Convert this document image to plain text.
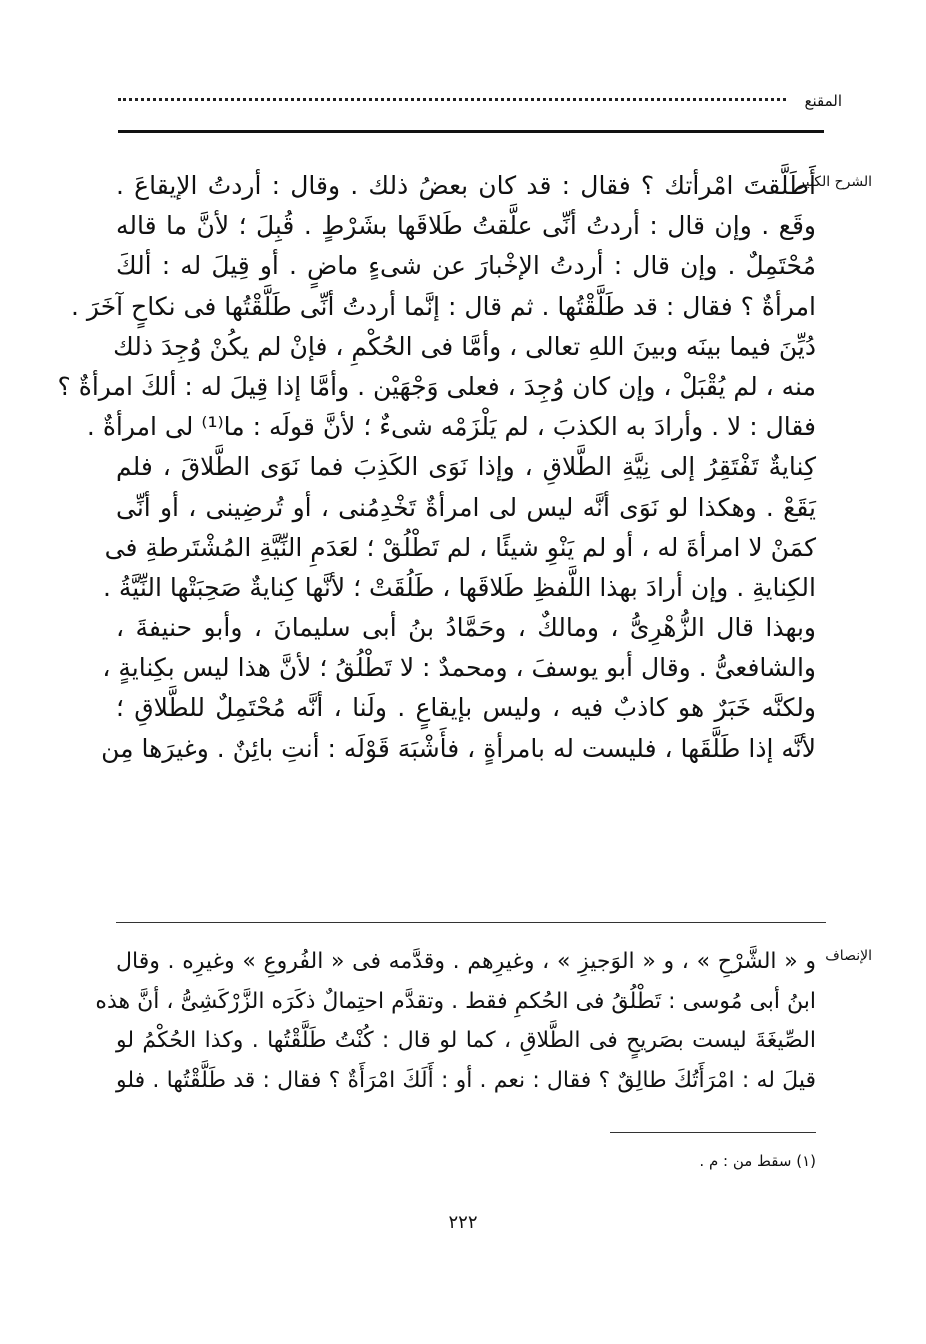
المقنع
الشرح الكبير
أَطَلَّقتَ امْرأتك ؟ فقال : قد كان بعضُ ذلك . وقال : أردتُ الإيقاعَ .
وقَع . وإن قال : أردتُ أنِّى علَّقتُ طَلاقَها بشَرْطٍ . قُبِلَ ؛ لأنَّ ما قاله
مُحْتَمِلٌ . وإن قال : أردتُ الإخْبارَ عن شىءٍ ماضٍ . أو قِيلَ له : ألكَ
امرأةٌ ؟ فقال : قد طَلَّقْتُها . ثم قال : إنَّما أردتُ أنِّى طَلَّقْتُها فى نكاحٍ آخَرَ .
دُيِّنَ فيما بينَه وبينَ اللهِ تعالى ، وأمَّا فى الحُكْمِ ، فإنْ لم يكُنْ وُجِدَ ذلك
منه ، لم يُقْبَلْ ، وإن كان وُجِدَ ، فعلى وَجْهَيْن . وأمَّا إذا قِيلَ له : ألكَ امرأةٌ ؟
فقال : لا . وأرادَ به الكذبَ ، لم يَلْزَمْه شىءٌ ؛ لأنَّ قولَه : ما⁽¹⁾ لى امرأةٌ .
كِنايةٌ تَفْتَقِرُ إلى نِيَّةِ الطَّلاقِ ، وإذا نَوَى الكَذِبَ فما نَوَى الطَّلاقَ ، فلم
يَقَعْ . وهكذا لو نَوَى أنَّه ليس لى امرأةٌ تَخْدِمُنى ، أو تُرضِينى ، أو أنِّى
كمَنْ لا امرأةَ له ، أو لم يَنْوِ شيئًا ، لم تَطْلُقْ ؛ لعَدَمِ النِّيَّةِ المُشْتَرطةِ فى
الكِنايةِ . وإن أرادَ بهذا اللَّفظِ طَلاقَها ، طَلُقَتْ ؛ لأنَّها كِنايةٌ صَحِبَتْها النِّيَّةُ .
وبهذا قال الزُّهْرِىُّ ، ومالكٌ ، وحَمَّادُ بنُ أبى سليمانَ ، وأبو حنيفةَ ،
والشافعىُّ . وقال أبو يوسفَ ، ومحمدٌ : لا تَطْلُقُ ؛ لأنَّ هذا ليس بكِنايةٍ ،
ولكنَّه خَبَرٌ هو كاذبٌ فيه ، وليس بإيقاعٍ . ولَنا ، أنَّه مُحْتَمِلٌ للطَّلاقِ ؛
لأنَّه إذا طَلَّقَها ، فليست له بامرأةٍ ، فأَشْبَهَ قَوْلَه : أنتِ بائِنٌ . وغيرَها مِن
الإنصاف
و « الشَّرْحِ » ، و « الوَجيزِ » ، وغيرِهم . وقدَّمه فى « الفُروعِ » وغيرِه . وقال
ابنُ أبى مُوسى : تَطْلُقُ فى الحُكمِ فقط . وتقدَّم احتِمالٌ ذكَرَه الزَّرْكَشِىُّ ، أنَّ هذه
الصِّيغَةَ ليست بصَريحٍ فى الطَّلاقِ ، كما لو قال : كُنْتُ طَلَّقْتُها . وكذا الحُكْمُ لو
قيلَ له : امْرَأَتُكَ طالِقٌ ؟ فقال : نعم . أو : أَلَكَ امْرَأَةٌ ؟ فقال : قد طَلَّقْتُها . فلو
(١) سقط من : م .
٢٢٢
